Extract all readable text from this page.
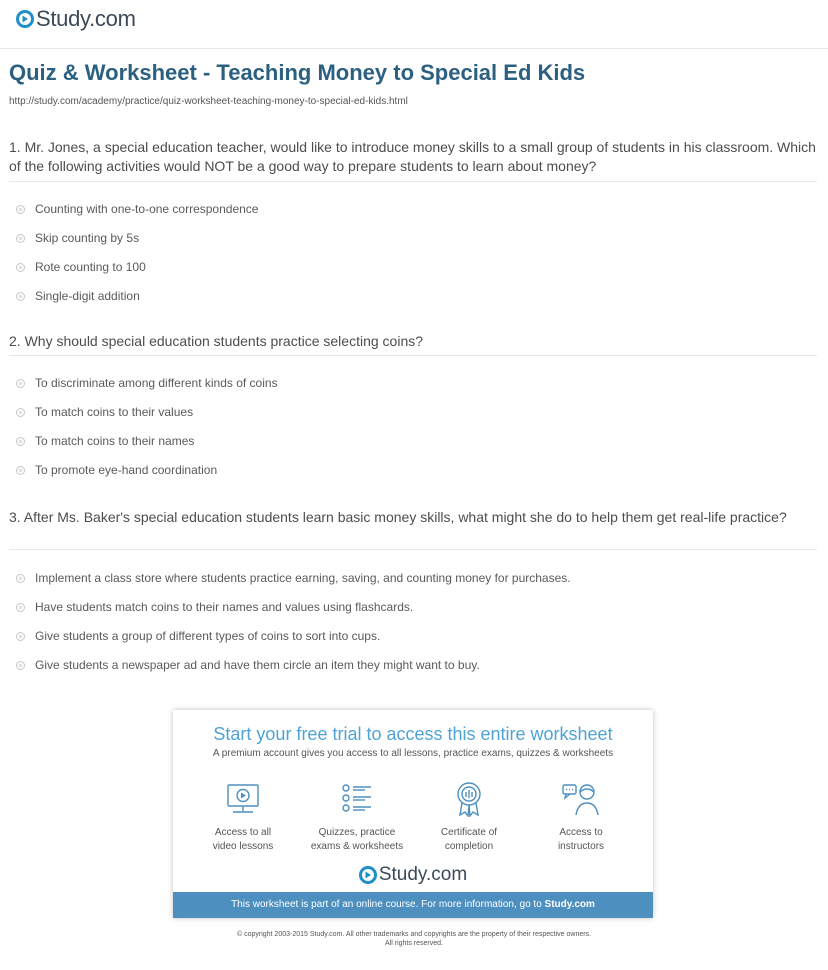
Study.com
Quiz & Worksheet - Teaching Money to Special Ed Kids
http://study.com/academy/practice/quiz-worksheet-teaching-money-to-special-ed-kids.html
1. Mr. Jones, a special education teacher, would like to introduce money skills to a small group of students in his classroom. Which of the following activities would NOT be a good way to prepare students to learn about money?
Counting with one-to-one correspondence
Skip counting by 5s
Rote counting to 100
Single-digit addition
2. Why should special education students practice selecting coins?
To discriminate among different kinds of coins
To match coins to their values
To match coins to their names
To promote eye-hand coordination
3. After Ms. Baker's special education students learn basic money skills, what might she do to help them get real-life practice?
Implement a class store where students practice earning, saving, and counting money for purchases.
Have students match coins to their names and values using flashcards.
Give students a group of different types of coins to sort into cups.
Give students a newspaper ad and have them circle an item they might want to buy.
Start your free trial to access this entire worksheet
A premium account gives you access to all lessons, practice exams, quizzes & worksheets
Access to all
video lessons
Quizzes, practice
exams & worksheets
Certificate of
completion
Access to
instructors
Study.com
This worksheet is part of an online course. For more information, go to Study.com
© copyright 2003-2015 Study.com. All other trademarks and copyrights are the property of their respective owners.
All rights reserved.
